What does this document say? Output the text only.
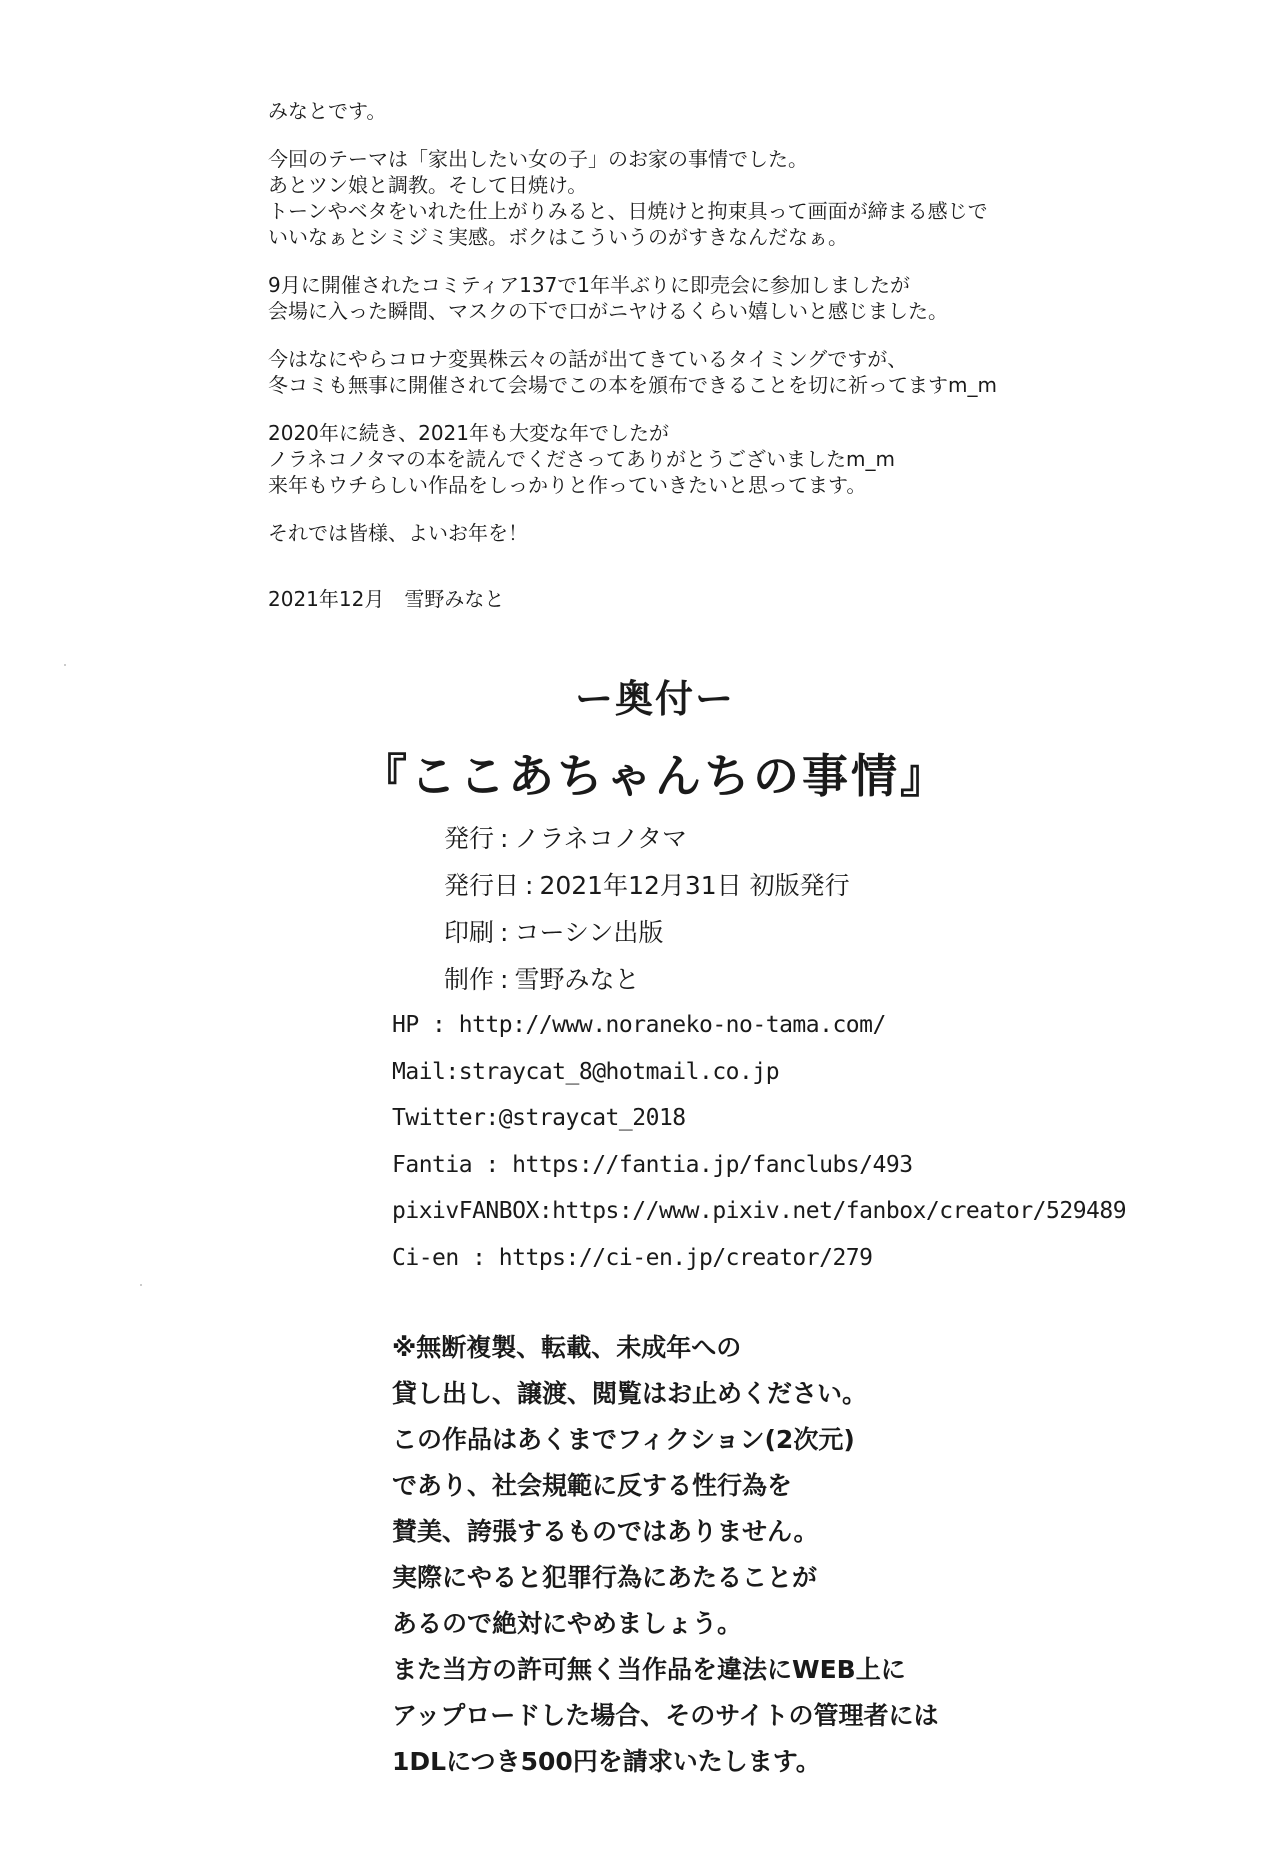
みなとです。

今回のテーマは「家出したい女の子」のお家の事情でした。
あとツン娘と調教。そして日焼け。
トーンやベタをいれた仕上がりみると、日焼けと拘束具って画面が締まる感じで
いいなぁとシミジミ実感。ボクはこういうのがすきなんだなぁ。

9月に開催されたコミティア137で1年半ぶりに即売会に参加しましたが
会場に入った瞬間、マスクの下で口がニヤけるくらい嬉しいと感じました。

今はなにやらコロナ変異株云々の話が出てきているタイミングですが、
冬コミも無事に開催されて会場でこの本を頒布できることを切に祈ってますm_m

2020年に続き、2021年も大変な年でしたが
ノラネコノタマの本を読んでくださってありがとうございましたm_m
来年もウチらしい作品をしっかりと作っていきたいと思ってます。

それでは皆様、よいお年を！

2021年12月　雪野みなと

ー奥付ー
『ここあちゃんちの事情』
発行 : ノラネコノタマ
発行日 : 2021年12月31日 初版発行
印刷 : コーシン出版
制作 : 雪野みなと
HP : http://www.noraneko-no-tama.com/
Mail:straycat_8@hotmail.co.jp
Twitter:@straycat_2018
Fantia : https://fantia.jp/fanclubs/493
pixivFANBOX:https://www.pixiv.net/fanbox/creator/529489
Ci-en : https://ci-en.jp/creator/279
※無断複製、転載、未成年への
貸し出し、譲渡、閲覧はお止めください。
この作品はあくまでフィクション(2次元)
であり、社会規範に反する性行為を
賛美、誇張するものではありません。
実際にやると犯罪行為にあたることが
あるので絶対にやめましょう。
また当方の許可無く当作品を違法にWEB上に
アップロードした場合、そのサイトの管理者には
1DLにつき500円を請求いたします。
